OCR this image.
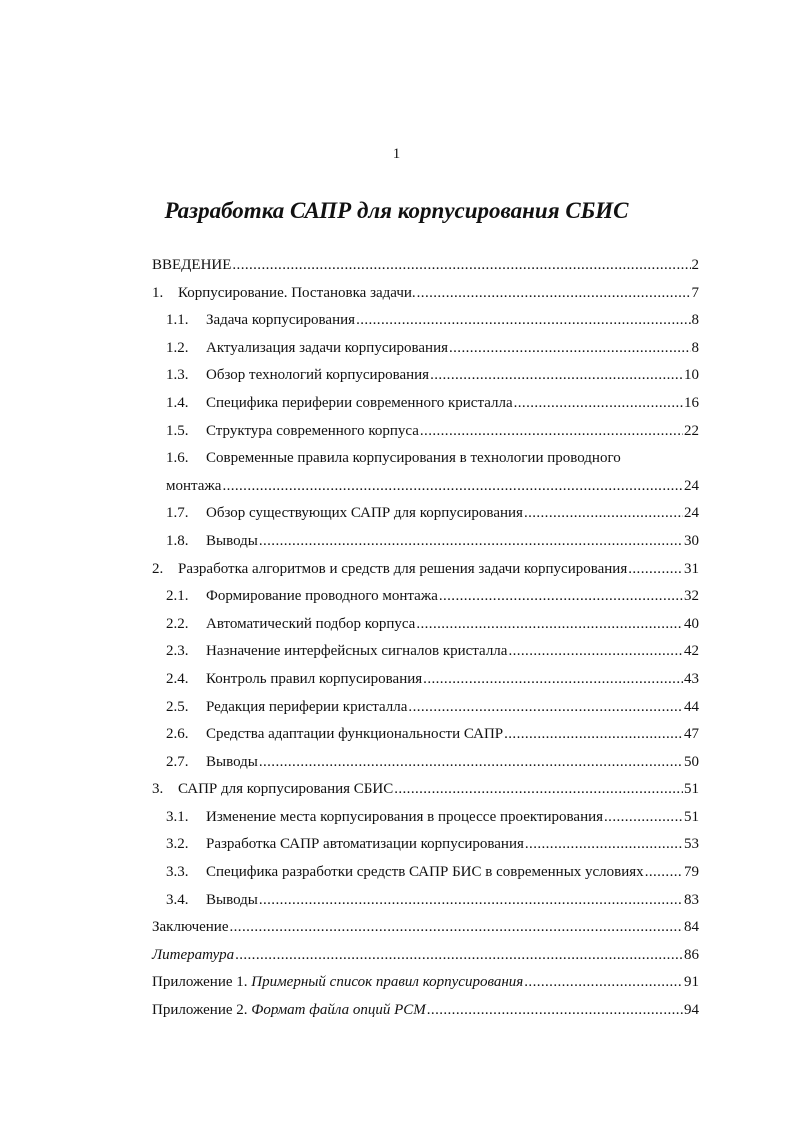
1
Разработка САПР для корпусирования СБИС
ВВЕДЕНИЕ .....	2
1. Корпусирование. Постановка задачи. .....	7
1.1.	Задача корпусирования .....	8
1.2.	Актуализация задачи корпусирования .....	8
1.3.	Обзор технологий корпусирования .....	10
1.4.	Специфика периферии современного кристалла .....	16
1.5.	Структура современного корпуса .....	22
1.6.	Современные правила корпусирования в технологии проводного
монтажа .....	24
1.7.	Обзор существующих САПР для корпусирования .....	24
1.8.	Выводы .....	30
2. Разработка алгоритмов и средств для решения задачи корпусирования .....	31
2.1.	Формирование проводного монтажа .....	32
2.2.	Автоматический подбор корпуса .....	40
2.3.	Назначение интерфейсных сигналов кристалла .....	42
2.4.	Контроль правил корпусирования .....	43
2.5.	Редакция периферии кристалла .....	44
2.6.	Средства адаптации функциональности САПР .....	47
2.7.	Выводы .....	50
3. САПР для корпусирования СБИС .....	51
3.1.	Изменение места корпусирования в процессе проектирования .....	51
3.2.	Разработка САПР автоматизации корпусирования .....	53
3.3.	Специфика разработки средств САПР БИС в современных условиях .....	79
3.4.	Выводы .....	83
Заключение .....	84
Литература .....	86
Приложение 1. Примерный список правил корпусирования .....	91
Приложение 2. Формат файла опций PCM .....	94
